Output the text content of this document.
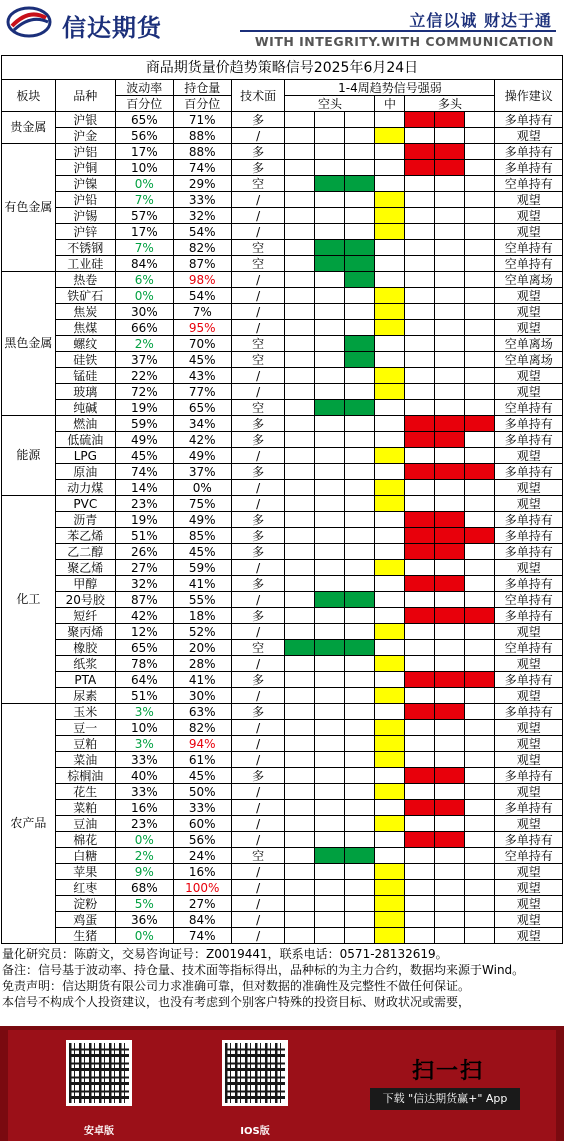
信达期货	立信以诚 财达于通
WITH INTEGRITY.WITH COMMUNICATION
商品期货量价趋势策略信号2025年6月24日												
板块	品种	波动率	持仓量	技术面	1-4周趋势信号强弱							操作建议
		百分位	百分位		空头			中	多头			
贵金属	沪银	65%	71%	多								多单持有
	沪金	56%	88%	/								观望
有色金属	沪铝	17%	88%	多								多单持有
	沪铜	10%	74%	多								多单持有
	沪镍	0%	29%	空								空单持有
	沪铅	7%	33%	/								观望
	沪锡	57%	32%	/								观望
	沪锌	17%	54%	/								观望
	不锈钢	7%	82%	空								空单持有
	工业硅	84%	87%	空								空单持有
黑色金属	热卷	6%	98%	/								空单离场
	铁矿石	0%	54%	/								观望
	焦炭	30%	7%	/								观望
	焦煤	66%	95%	/								观望
	螺纹	2%	70%	空								空单离场
	硅铁	37%	45%	空								空单离场
	锰硅	22%	43%	/								观望
	玻璃	72%	77%	/								观望
	纯碱	19%	65%	空								空单持有
能源	燃油	59%	34%	多								多单持有
	低硫油	49%	42%	多								多单持有
	LPG	45%	49%	/								观望
	原油	74%	37%	多								多单持有
	动力煤	14%	0%	/								观望
化工	PVC	23%	75%	/								观望
	沥青	19%	49%	多								多单持有
	苯乙烯	51%	85%	多								多单持有
	乙二醇	26%	45%	多								多单持有
	聚乙烯	27%	59%	/								观望
	甲醇	32%	41%	多								多单持有
	20号胶	87%	55%	/								空单持有
	短纤	42%	18%	多								多单持有
	聚丙烯	12%	52%	/								观望
	橡胶	65%	20%	空								空单持有
	纸浆	78%	28%	/								观望
	PTA	64%	41%	多								多单持有
	尿素	51%	30%	/								观望
农产品	玉米	3%	63%	多								多单持有
	豆一	10%	82%	/								观望
	豆粕	3%	94%	/								观望
	菜油	33%	61%	/								观望
	棕榈油	40%	45%	多								多单持有
	花生	33%	50%	/								观望
	菜粕	16%	33%	/								多单持有
	豆油	23%	60%	/								观望
	棉花	0%	56%	/								多单持有
	白糖	2%	24%	空								空单持有
	苹果	9%	16%	/								观望
	红枣	68%	100%	/								观望
	淀粉	5%	27%	/								观望
	鸡蛋	36%	84%	/								观望
	生猪	0%	74%	/								观望
量化研究员：陈蔚文，交易咨询证号：Z0019441，联系电话：0571-28132619。
备注：信号基于波动率、持仓量、技术面等指标得出，品种标的为主力合约，数据均来源于Wind。
免责声明：信达期货有限公司力求准确可靠，但对数据的准确性及完整性不做任何保证。
本信号不构成个人投资建议，也没有考虑到个别客户特殊的投资目标、财政状况或需要，
安卓版	IOS版
扫一扫
下载 "信达期货赢+" App
